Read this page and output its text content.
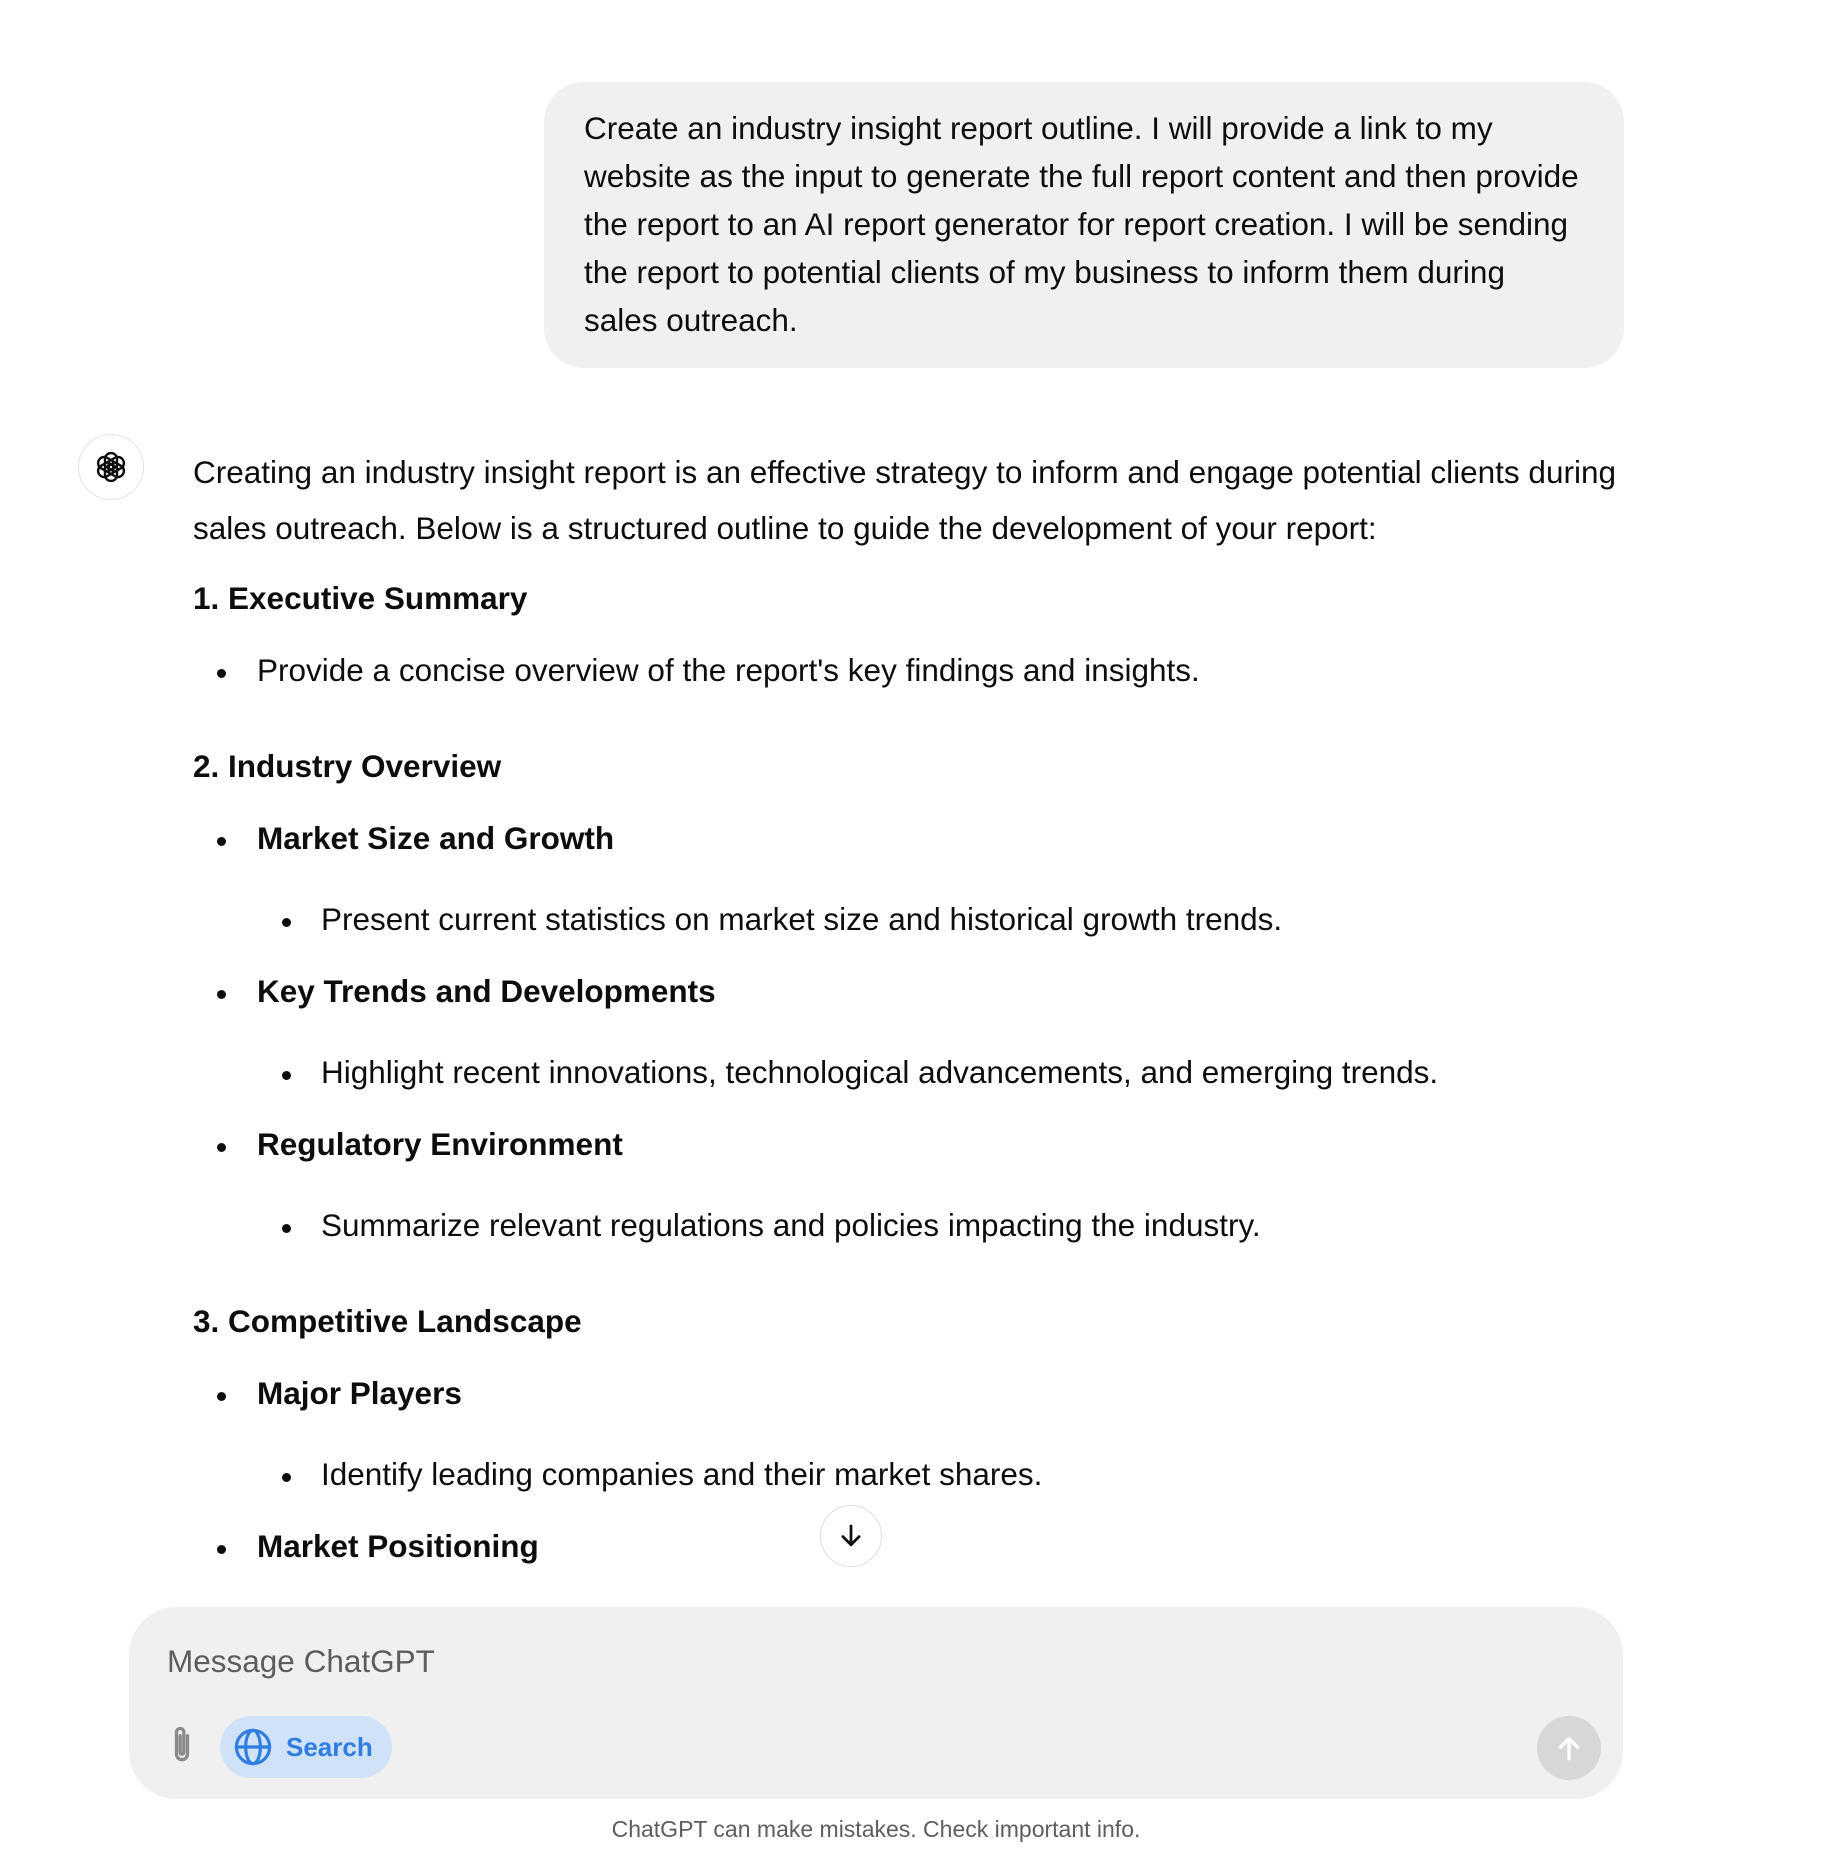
Create an industry insight report outline. I will provide a link to my website as the input to generate the full report content and then provide the report to an AI report generator for report creation. I will be sending the report to potential clients of my business to inform them during sales outreach.

Creating an industry insight report is an effective strategy to inform and engage potential clients during sales outreach. Below is a structured outline to guide the development of your report:

1. Executive Summary
Provide a concise overview of the report's key findings and insights.
2. Industry Overview
Market Size and Growth
Present current statistics on market size and historical growth trends.
Key Trends and Developments
Highlight recent innovations, technological advancements, and emerging trends.
Regulatory Environment
Summarize relevant regulations and policies impacting the industry.
3. Competitive Landscape
Major Players
Identify leading companies and their market shares.
Market Positioning
Message ChatGPT
Search
ChatGPT can make mistakes. Check important info.
